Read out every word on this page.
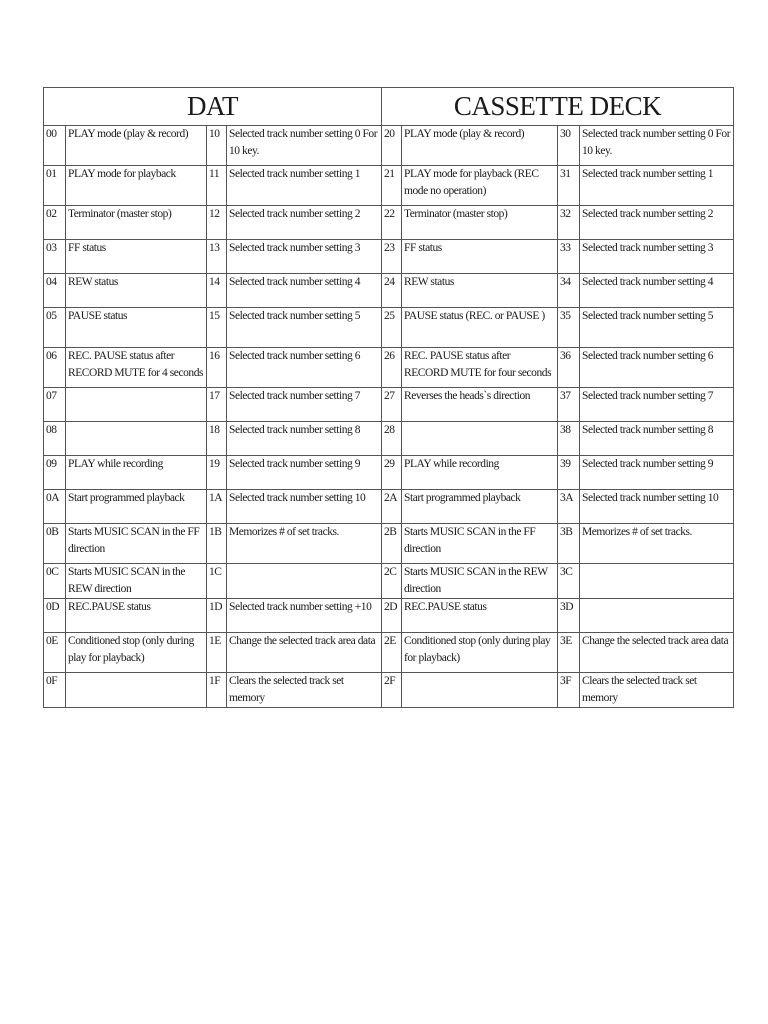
DAT				CASSETTE DECK			
00	PLAY mode (play & record)	10	Selected track number setting 0 For 10 key.	20	PLAY mode (play & record)	30	Selected track number setting 0 For 10 key.
01	PLAY mode for playback	11	Selected track number setting 1	21	PLAY mode for playback (REC mode no operation)	31	Selected track number setting 1
02	Terminator (master stop)	12	Selected track number setting 2	22	Terminator (master stop)	32	Selected track number setting 2
03	FF status	13	Selected track number setting 3	23	FF status	33	Selected track number setting 3
04	REW status	14	Selected track number setting 4	24	REW status	34	Selected track number setting 4
05	PAUSE status	15	Selected track number setting 5	25	PAUSE status (REC. or PAUSE )	35	Selected track number setting 5
06	REC. PAUSE status after RECORD MUTE for 4 seconds	16	Selected track number setting 6	26	REC. PAUSE status after RECORD MUTE for four seconds	36	Selected track number setting 6
07		17	Selected track number setting 7	27	Reverses the heads`s direction	37	Selected track number setting 7
08		18	Selected track number setting 8	28		38	Selected track number setting 8
09	PLAY while recording	19	Selected track number setting 9	29	PLAY while recording	39	Selected track number setting 9
0A	Start programmed playback	1A	Selected track number setting 10	2A	Start programmed playback	3A	Selected track number setting 10
0B	Starts MUSIC SCAN in the FF direction	1B	Memorizes # of set tracks.	2B	Starts MUSIC SCAN in the FF direction	3B	Memorizes # of set tracks.
0C	Starts MUSIC SCAN in the REW direction	1C		2C	Starts MUSIC SCAN in the REW direction	3C	
0D	REC.PAUSE status	1D	Selected track number setting +10	2D	REC.PAUSE status	3D	
0E	Conditioned stop (only during play for playback)	1E	Change the selected track area data	2E	Conditioned stop (only during play for playback)	3E	Change the selected track area data
0F		1F	Clears the selected track set memory	2F		3F	Clears the selected track set memory
